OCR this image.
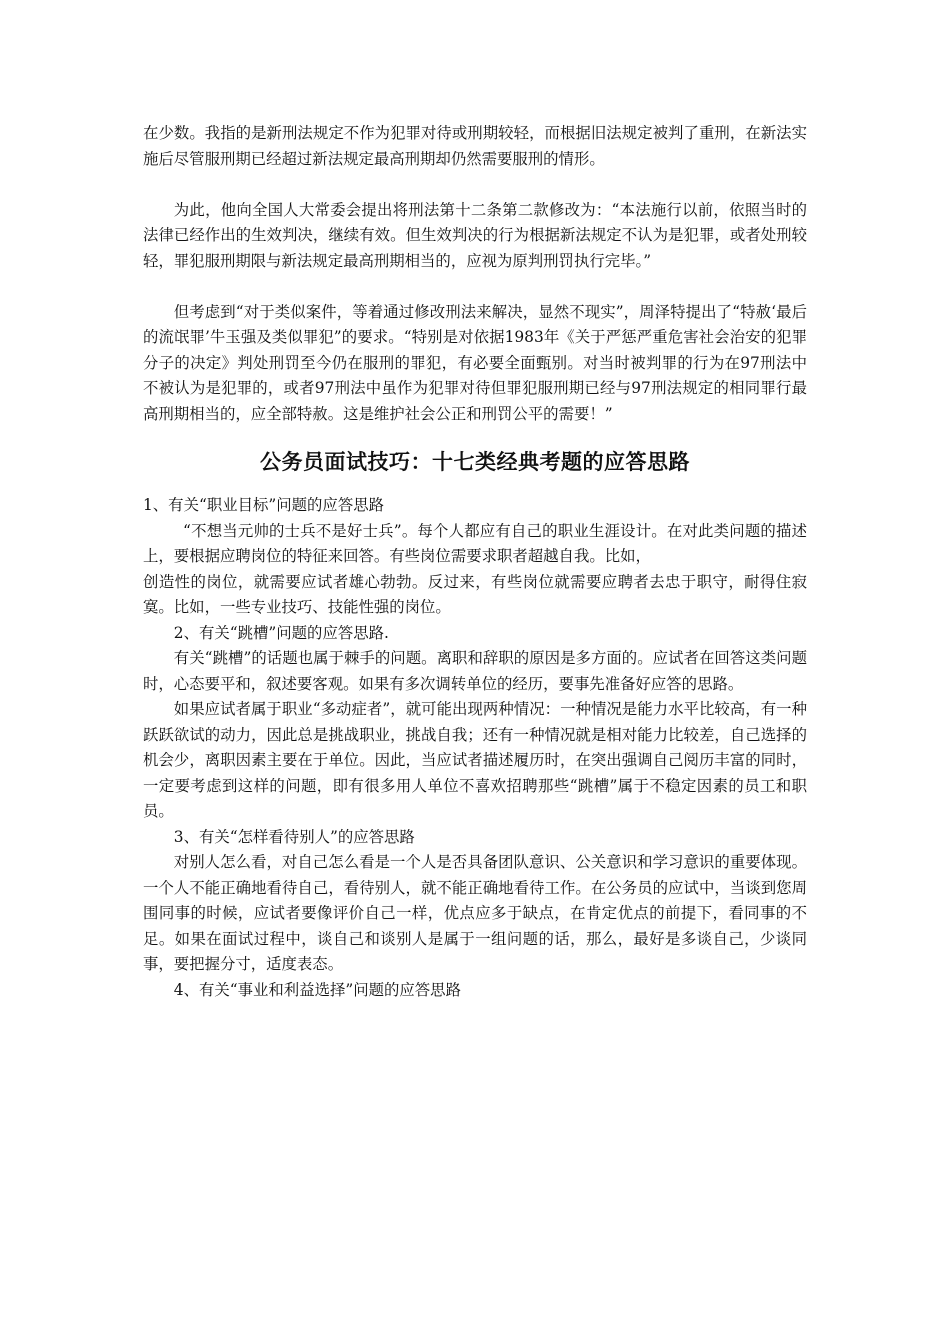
在少数。我指的是新刑法规定不作为犯罪对待或刑期较轻，而根据旧法规定被判了重刑，在新法实施后尽管服刑期已经超过新法规定最高刑期却仍然需要服刑的情形。

为此，他向全国人大常委会提出将刑法第十二条第二款修改为：“本法施行以前，依照当时的法律已经作出的生效判决，继续有效。但生效判决的行为根据新法规定不认为是犯罪，或者处刑较轻，罪犯服刑期限与新法规定最高刑期相当的，应视为原判刑罚执行完毕。”

但考虑到“对于类似案件，等着通过修改刑法来解决，显然不现实”，周泽特提出了“特赦‘最后的流氓罪’牛玉强及类似罪犯”的要求。“特别是对依据1983年《关于严惩严重危害社会治安的犯罪分子的决定》判处刑罚至今仍在服刑的罪犯，有必要全面甄别。对当时被判罪的行为在97刑法中不被认为是犯罪的，或者97刑法中虽作为犯罪对待但罪犯服刑期已经与97刑法规定的相同罪行最高刑期相当的，应全部特赦。这是维护社会公正和刑罚公平的需要！”

公务员面试技巧：十七类经典考题的应答思路

1、有关“职业目标”问题的应答思路

“不想当元帅的士兵不是好士兵”。每个人都应有自己的职业生涯设计。在对此类问题的描述上，要根据应聘岗位的特征来回答。有些岗位需要求职者超越自我。比如，

创造性的岗位，就需要应试者雄心勃勃。反过来，有些岗位就需要应聘者去忠于职守，耐得住寂寞。比如，一些专业技巧、技能性强的岗位。

2、有关“跳槽”问题的应答思路.

有关“跳槽”的话题也属于棘手的问题。离职和辞职的原因是多方面的。应试者在回答这类问题时，心态要平和，叙述要客观。如果有多次调转单位的经历，要事先准备好应答的思路。

如果应试者属于职业“多动症者”，就可能出现两种情况：一种情况是能力水平比较高，有一种跃跃欲试的动力，因此总是挑战职业，挑战自我；还有一种情况就是相对能力比较差，自己选择的机会少，离职因素主要在于单位。因此，当应试者描述履历时，在突出强调自己阅历丰富的同时，一定要考虑到这样的问题，即有很多用人单位不喜欢招聘那些“跳槽”属于不稳定因素的员工和职员。

3、有关“怎样看待别人”的应答思路

对别人怎么看，对自己怎么看是一个人是否具备团队意识、公关意识和学习意识的重要体现。一个人不能正确地看待自己，看待别人，就不能正确地看待工作。在公务员的应试中，当谈到您周围同事的时候，应试者要像评价自己一样，优点应多于缺点，在肯定优点的前提下，看同事的不足。如果在面试过程中，谈自己和谈别人是属于一组问题的话，那么，最好是多谈自己，少谈同事，要把握分寸，适度表态。

4、有关“事业和利益选择”问题的应答思路
